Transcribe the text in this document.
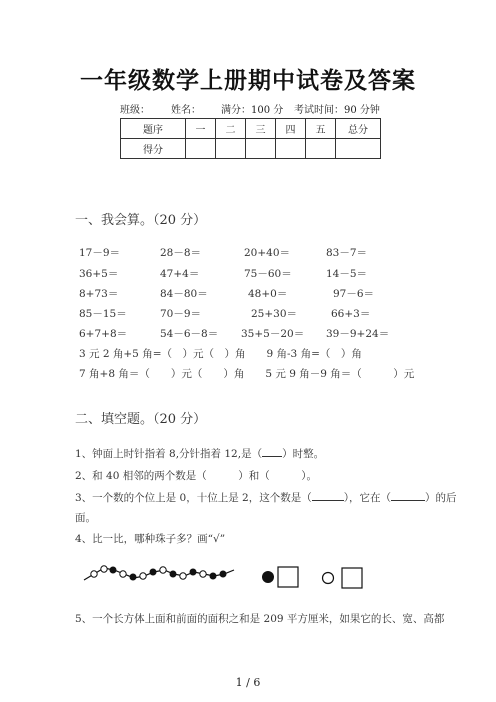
一年级数学上册期中试卷及答案
班级： 姓名： 满分：100 分 考试时间：90 分钟
题序	一	二	三	四	五	总分
得分						
一、我会算。（20 分）
17－9＝	28－8＝	20+40＝	83－7＝
36+5＝	47+4＝	75－60＝	14－5＝
8+73＝	84－80＝	48+0＝	97－6＝
85－15＝	70－9＝	25+30＝	66+3＝
6+7+8＝	54－6－8＝ 35+5－20＝ 39－9+24＝
3 元 2 角+5 角=（　）元（　）角　　9 角-3 角=（　）角
7 角+8 角＝（　　）元（　　）角　　5 元 9 角－9 角＝（　　　）元
二、填空题。（20 分）
1、钟面上时针指着 8,分针指着 12,是（ ）时整。
2、和 40 相邻的两个数是（　　　）和（　　　）。
3、一个数的个位上是 0，十位上是 2，这个数是（	），它在（	）的后
面。
4、比一比，哪种珠子多？画“√”
5、一个长方体上面和前面的面积之和是 209 平方厘米，如果它的长、宽、高都
1 / 6
